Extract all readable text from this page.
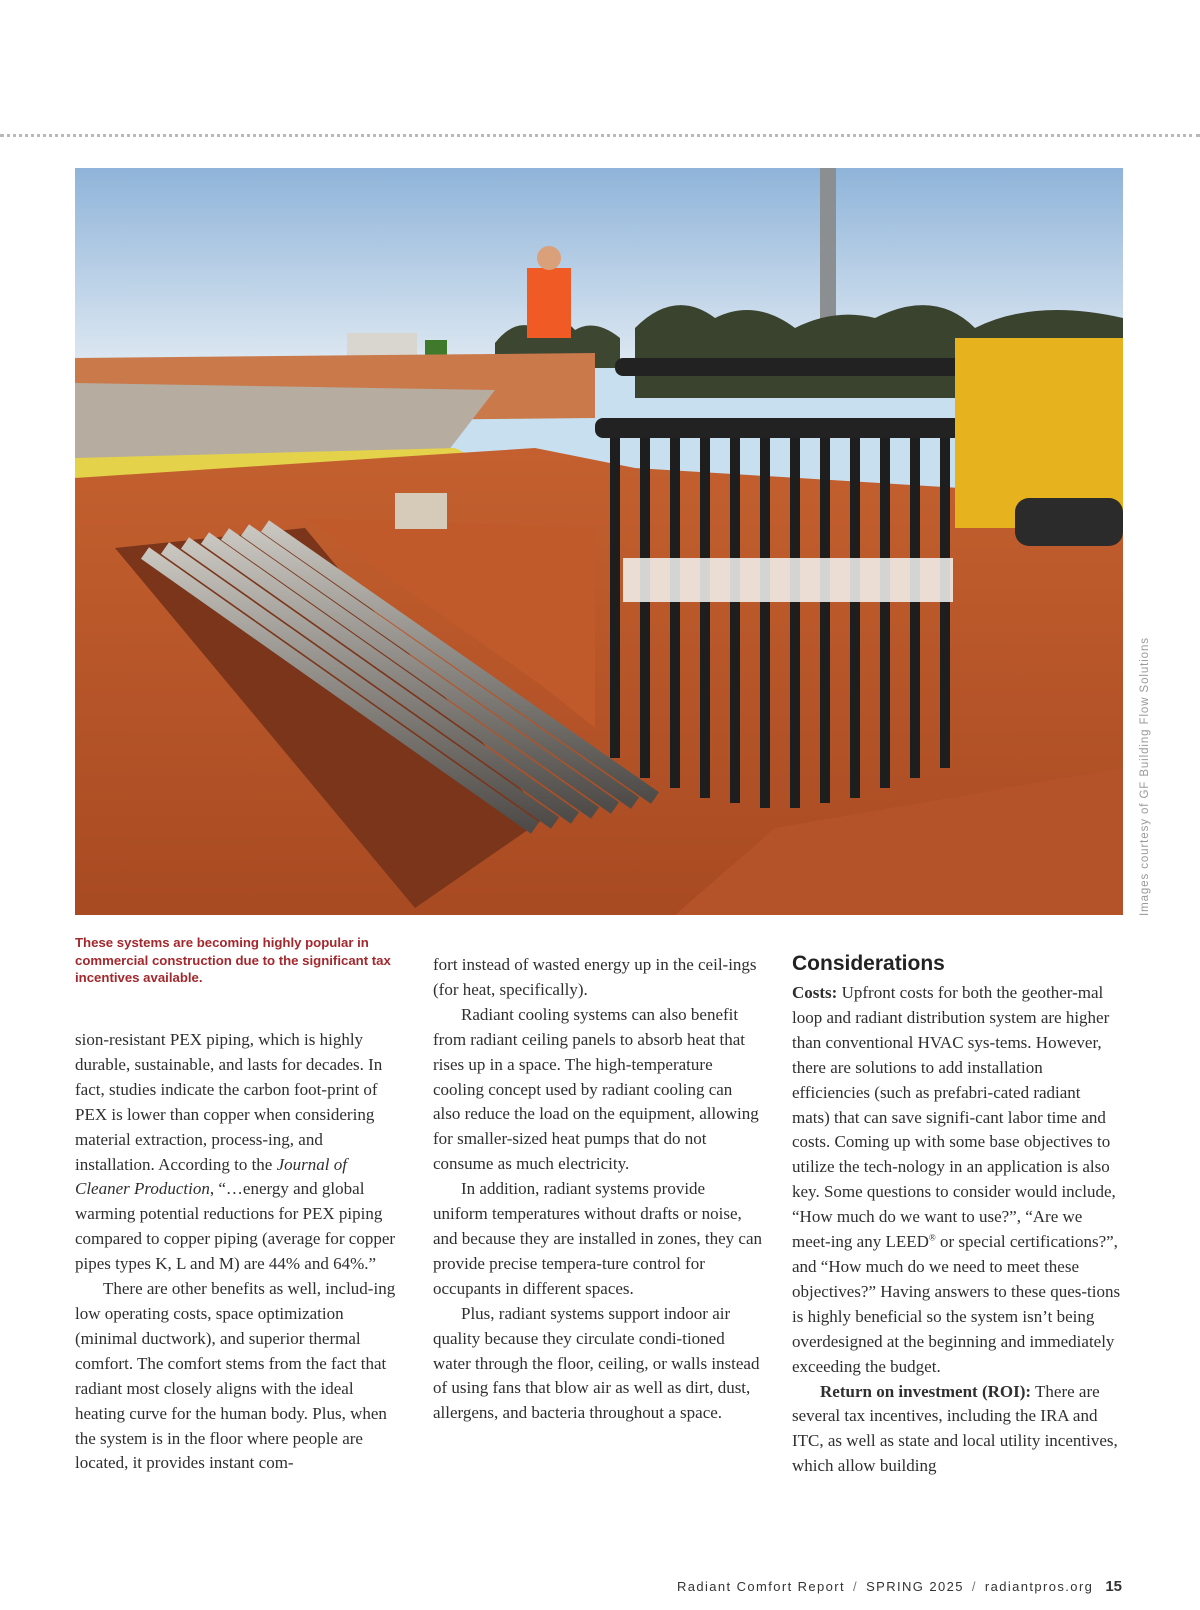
Images courtesy of GF Building Flow Solutions
These systems are becoming highly popular in commercial construction due to the significant tax incentives available.

sion-resistant PEX piping, which is highly durable, sustainable, and lasts for decades. In fact, studies indicate the carbon foot-print of PEX is lower than copper when considering material extraction, process-ing, and installation. According to the Journal of Cleaner Production, “…energy and global warming potential reductions for PEX piping compared to copper piping (average for copper pipes types K, L and M) are 44% and 64%.”

There are other benefits as well, includ-ing low operating costs, space optimization (minimal ductwork), and superior thermal comfort. The comfort stems from the fact that radiant most closely aligns with the ideal heating curve for the human body. Plus, when the system is in the floor where people are located, it provides instant com-

fort instead of wasted energy up in the ceil-ings (for heat, specifically).

Radiant cooling systems can also benefit from radiant ceiling panels to absorb heat that rises up in a space. The high-temperature cooling concept used by radiant cooling can also reduce the load on the equipment, allowing for smaller-sized heat pumps that do not consume as much electricity.

In addition, radiant systems provide uniform temperatures without drafts or noise, and because they are installed in zones, they can provide precise tempera-ture control for occupants in different spaces.

Plus, radiant systems support indoor air quality because they circulate condi-tioned water through the floor, ceiling, or walls instead of using fans that blow air as well as dirt, dust, allergens, and bacteria throughout a space.

Considerations

Costs: Upfront costs for both the geother-mal loop and radiant distribution system are higher than conventional HVAC sys-tems. However, there are solutions to add installation efficiencies (such as prefabri-cated radiant mats) that can save signifi-cant labor time and costs. Coming up with some base objectives to utilize the tech-nology in an application is also key. Some questions to consider would include, “How much do we want to use?”, “Are we meet-ing any LEED® or special certifications?”, and “How much do we need to meet these objectives?” Having answers to these ques-tions is highly beneficial so the system isn’t being overdesigned at the beginning and immediately exceeding the budget.

Return on investment (ROI): There are several tax incentives, including the IRA and ITC, as well as state and local utility incentives, which allow building

Radiant Comfort Report / SPRING 2025 / radiantpros.org 15
